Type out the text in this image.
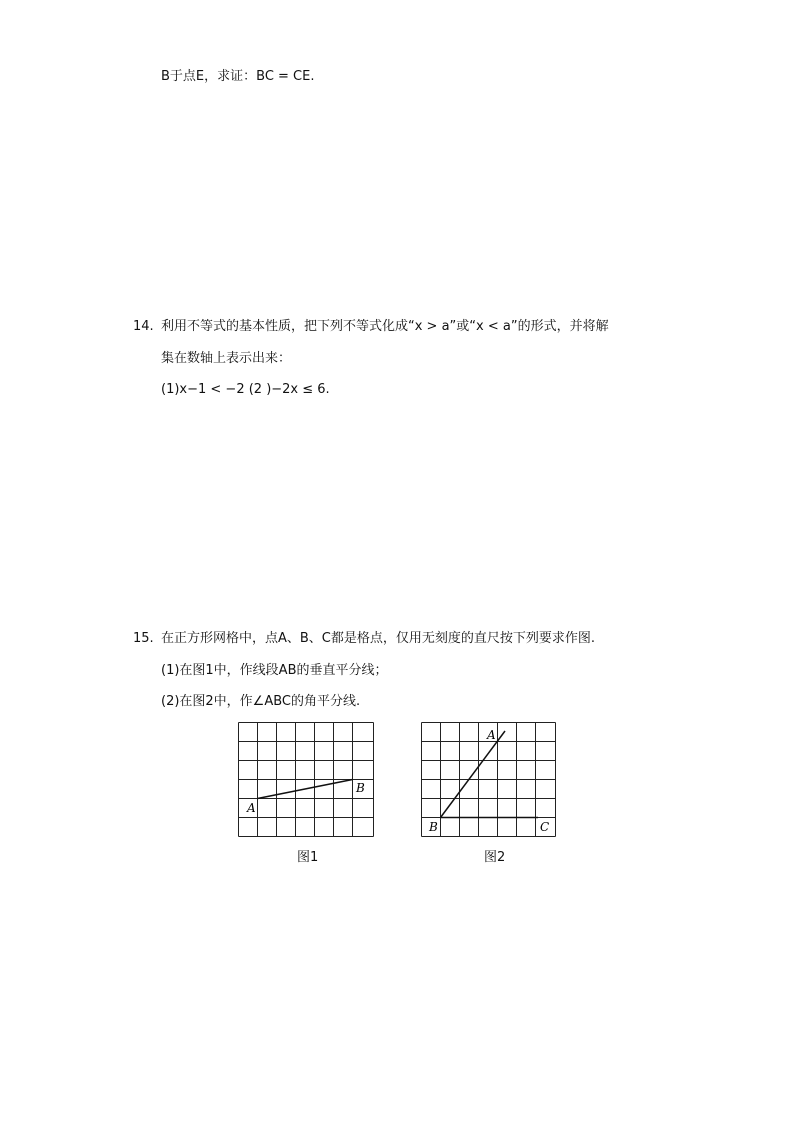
B于点E，求证：BC = CE.
14. 利用不等式的基本性质，把下列不等式化成“x > a”或“x < a”的形式，并将解
集在数轴上表示出来：
(1)x−1 < −2 (2 )−2x ≤ 6.
15. 在正方形网格中，点A、B、C都是格点，仅用无刻度的直尺按下列要求作图.
(1)在图1中，作线段AB的垂直平分线；
(2)在图2中，作∠ABC的角平分线.
A
B
图1
A
B	C
图2
